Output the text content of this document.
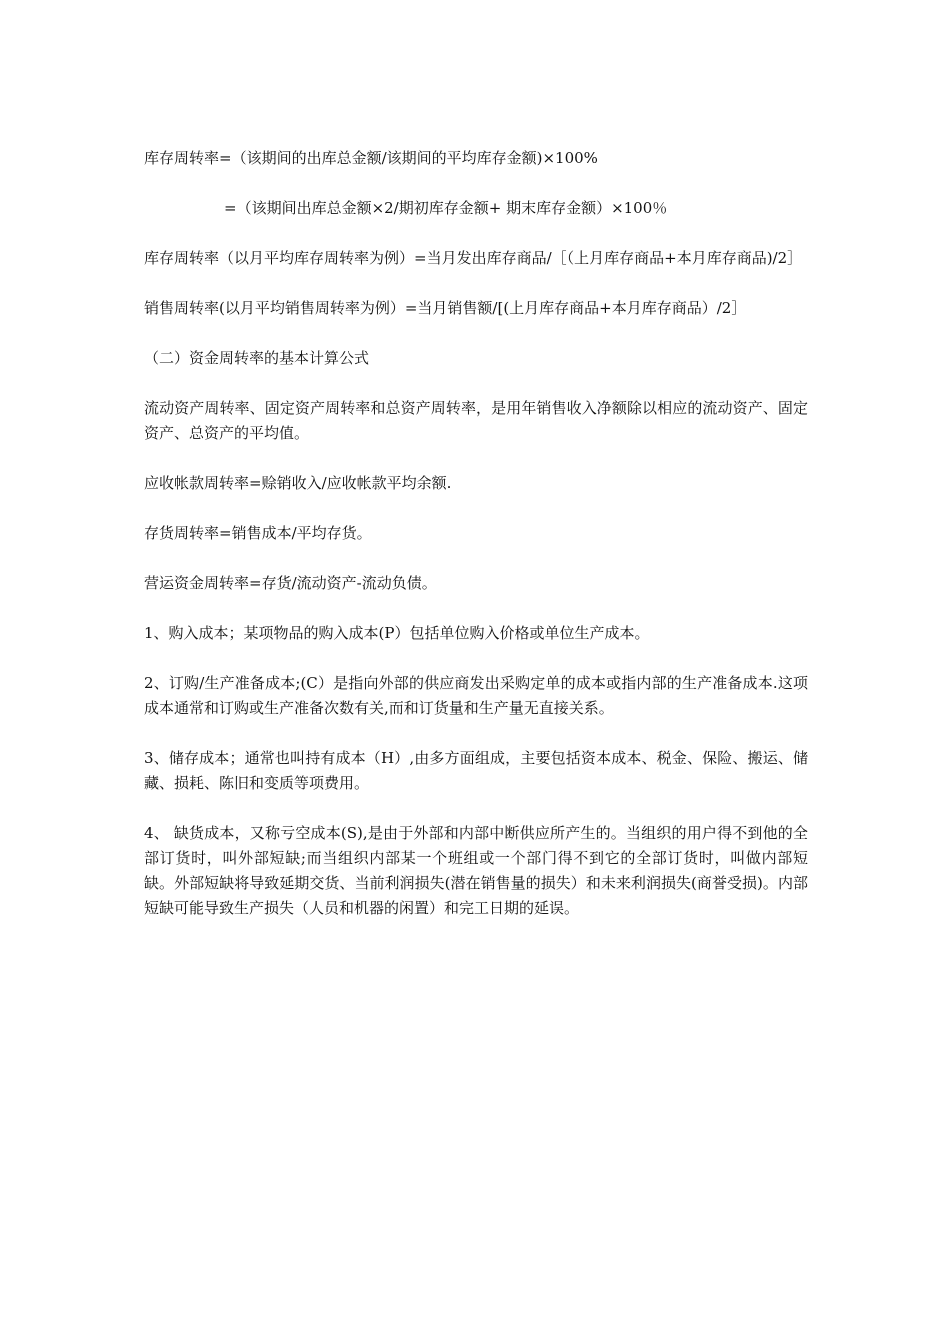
库存周转率=（该期间的出库总金额/该期间的平均库存金额)×100%

=（该期间出库总金额×2/期初库存金额+ 期末库存金额）×100％

库存周转率（以月平均库存周转率为例）=当月发出库存商品/［（上月库存商品+本月库存商品)/2］

销售周转率(以月平均销售周转率为例）=当月销售额/[(上月库存商品+本月库存商品）/2］

（二）资金周转率的基本计算公式

流动资产周转率、固定资产周转率和总资产周转率，是用年销售收入净额除以相应的流动资产、固定资产、总资产的平均值。

应收帐款周转率=赊销收入/应收帐款平均余额.

存货周转率=销售成本/平均存货。

营运资金周转率=存货/流动资产-流动负债。

1、购入成本；某项物品的购入成本(P）包括单位购入价格或单位生产成本。

2、订购/生产准备成本;(C）是指向外部的供应商发出采购定单的成本或指内部的生产准备成本.这项成本通常和订购或生产准备次数有关,而和订货量和生产量无直接关系。

3、储存成本；通常也叫持有成本（H）,由多方面组成，主要包括资本成本、税金、保险、搬运、储藏、损耗、陈旧和变质等项费用。

4、 缺货成本，又称亏空成本(S),是由于外部和内部中断供应所产生的。当组织的用户得不到他的全部订货时，叫外部短缺;而当组织内部某一个班组或一个部门得不到它的全部订货时，叫做内部短缺。外部短缺将导致延期交货、当前利润损失(潜在销售量的损失）和未来利润损失(商誉受损)。内部短缺可能导致生产损失（人员和机器的闲置）和完工日期的延误。
